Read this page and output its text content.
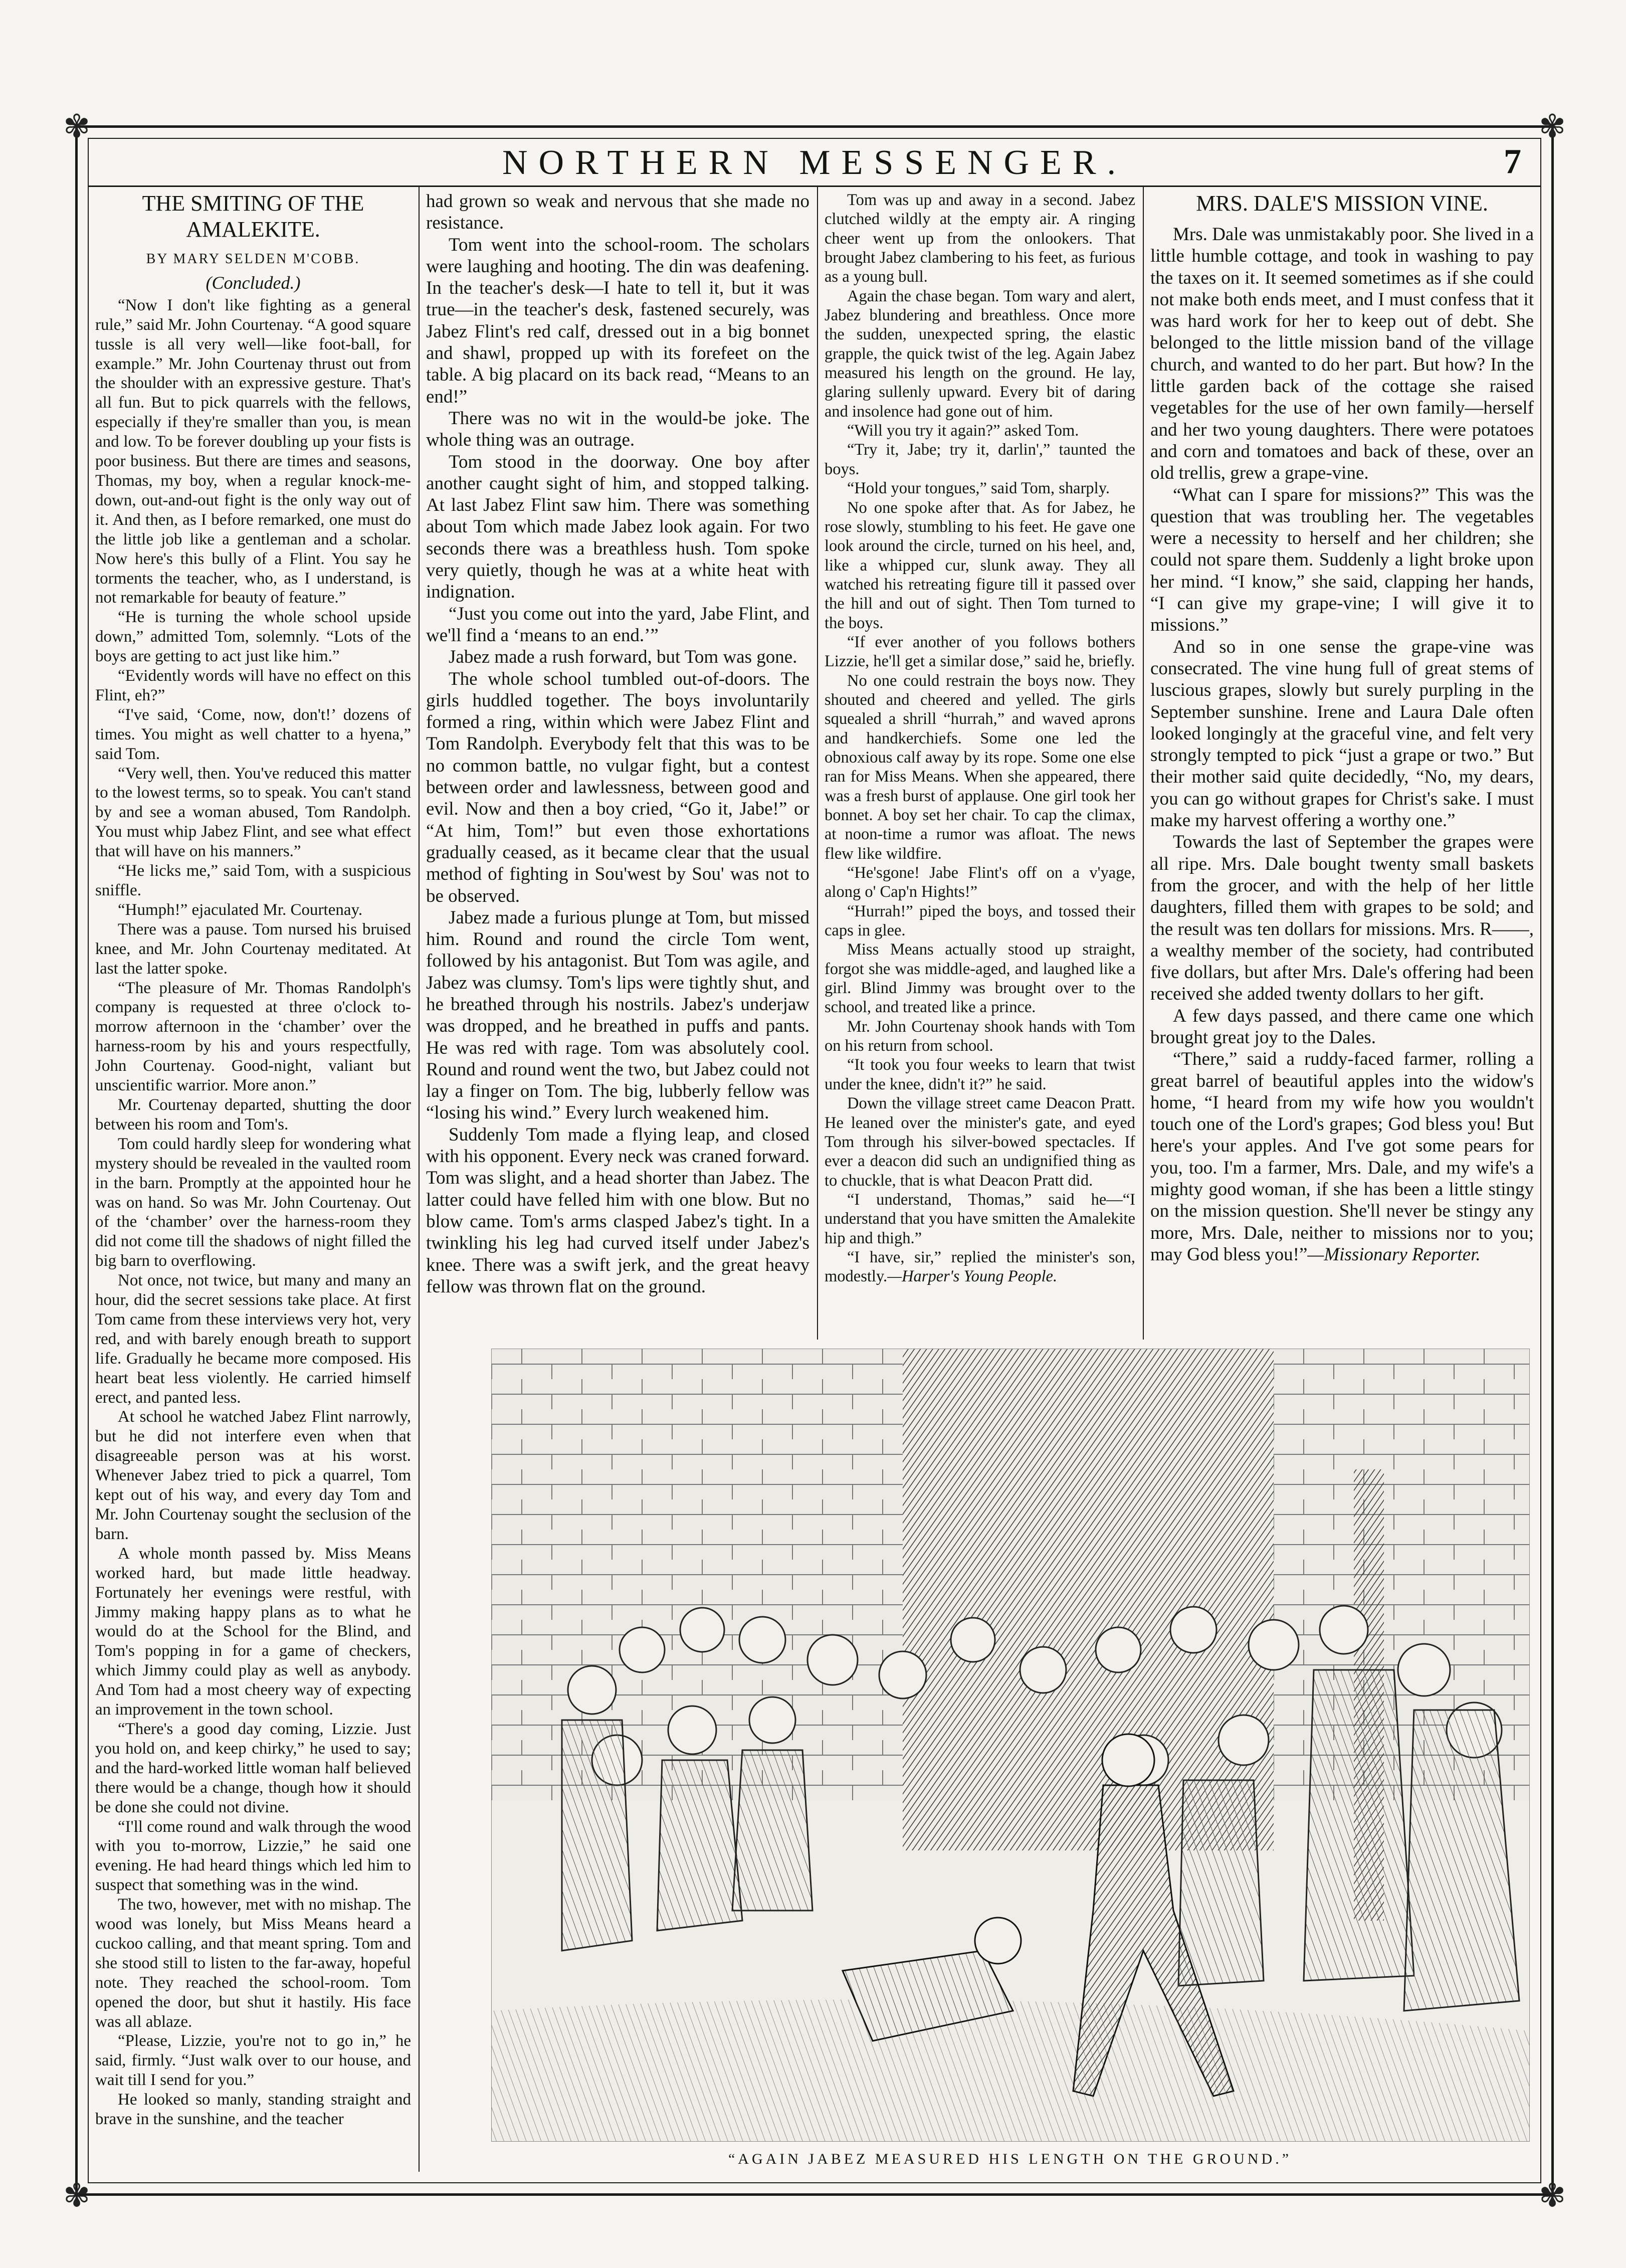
✾	✾
✾	✾
NORTHERN MESSENGER.	7

THE SMITING OF THE AMALEKITE.

BY MARY SELDEN M'COBB.

(Concluded.)

“Now I don't like fighting as a general rule,” said Mr. John Courtenay. “A good square tussle is all very well—like foot-ball, for example.” Mr. John Courtenay thrust out from the shoulder with an expressive gesture. That's all fun. But to pick quarrels with the fellows, especially if they're smaller than you, is mean and low. To be forever doubling up your fists is poor business. But there are times and seasons, Thomas, my boy, when a regular knock-me-down, out-and-out fight is the only way out of it. And then, as I before remarked, one must do the little job like a gentleman and a scholar. Now here's this bully of a Flint. You say he torments the teacher, who, as I understand, is not remarkable for beauty of feature.”

“He is turning the whole school upside down,” admitted Tom, solemnly. “Lots of the boys are getting to act just like him.”

“Evidently words will have no effect on this Flint, eh?”

“I've said, ‘Come, now, don't!’ dozens of times. You might as well chatter to a hyena,” said Tom.

“Very well, then. You've reduced this matter to the lowest terms, so to speak. You can't stand by and see a woman abused, Tom Randolph. You must whip Jabez Flint, and see what effect that will have on his manners.”

“He licks me,” said Tom, with a suspicious sniffle.

“Humph!” ejaculated Mr. Courtenay.

There was a pause. Tom nursed his bruised knee, and Mr. John Courtenay meditated. At last the latter spoke.

“The pleasure of Mr. Thomas Randolph's company is requested at three o'clock to-morrow afternoon in the ‘chamber’ over the harness-room by his and yours respectfully, John Courtenay. Good-night, valiant but unscientific warrior. More anon.”

Mr. Courtenay departed, shutting the door between his room and Tom's.

Tom could hardly sleep for wondering what mystery should be revealed in the vaulted room in the barn. Promptly at the appointed hour he was on hand. So was Mr. John Courtenay. Out of the ‘chamber’ over the harness-room they did not come till the shadows of night filled the big barn to overflowing.

Not once, not twice, but many and many an hour, did the secret sessions take place. At first Tom came from these interviews very hot, very red, and with barely enough breath to support life. Gradually he became more composed. His heart beat less violently. He carried himself erect, and panted less.

At school he watched Jabez Flint narrowly, but he did not interfere even when that disagreeable person was at his worst. Whenever Jabez tried to pick a quarrel, Tom kept out of his way, and every day Tom and Mr. John Courtenay sought the seclusion of the barn.

A whole month passed by. Miss Means worked hard, but made little headway. Fortunately her evenings were restful, with Jimmy making happy plans as to what he would do at the School for the Blind, and Tom's popping in for a game of checkers, which Jimmy could play as well as anybody. And Tom had a most cheery way of expecting an improvement in the town school.

“There's a good day coming, Lizzie. Just you hold on, and keep chirky,” he used to say; and the hard-worked little woman half believed there would be a change, though how it should be done she could not divine.

“I'll come round and walk through the wood with you to-morrow, Lizzie,” he said one evening. He had heard things which led him to suspect that something was in the wind.

The two, however, met with no mishap. The wood was lonely, but Miss Means heard a cuckoo calling, and that meant spring. Tom and she stood still to listen to the far-away, hopeful note. They reached the school-room. Tom opened the door, but shut it hastily. His face was all ablaze.

“Please, Lizzie, you're not to go in,” he said, firmly. “Just walk over to our house, and wait till I send for you.”

He looked so manly, standing straight and brave in the sunshine, and the teacher

had grown so weak and nervous that she made no resistance.

Tom went into the school-room. The scholars were laughing and hooting. The din was deafening. In the teacher's desk—I hate to tell it, but it was true—in the teacher's desk, fastened securely, was Jabez Flint's red calf, dressed out in a big bonnet and shawl, propped up with its forefeet on the table. A big placard on its back read, “Means to an end!”

There was no wit in the would-be joke. The whole thing was an outrage.

Tom stood in the doorway. One boy after another caught sight of him, and stopped talking. At last Jabez Flint saw him. There was something about Tom which made Jabez look again. For two seconds there was a breathless hush. Tom spoke very quietly, though he was at a white heat with indignation.

“Just you come out into the yard, Jabe Flint, and we'll find a ‘means to an end.’”

Jabez made a rush forward, but Tom was gone.

The whole school tumbled out-of-doors. The girls huddled together. The boys involuntarily formed a ring, within which were Jabez Flint and Tom Randolph. Everybody felt that this was to be no common battle, no vulgar fight, but a contest between order and lawlessness, between good and evil. Now and then a boy cried, “Go it, Jabe!” or “At him, Tom!” but even those exhortations gradually ceased, as it became clear that the usual method of fighting in Sou'west by Sou' was not to be observed.

Jabez made a furious plunge at Tom, but missed him. Round and round the circle Tom went, followed by his antagonist. But Tom was agile, and Jabez was clumsy. Tom's lips were tightly shut, and he breathed through his nostrils. Jabez's underjaw was dropped, and he breathed in puffs and pants. He was red with rage. Tom was absolutely cool. Round and round went the two, but Jabez could not lay a finger on Tom. The big, lubberly fellow was “losing his wind.” Every lurch weakened him.

Suddenly Tom made a flying leap, and closed with his opponent. Every neck was craned forward. Tom was slight, and a head shorter than Jabez. The latter could have felled him with one blow. But no blow came. Tom's arms clasped Jabez's tight. In a twinkling his leg had curved itself under Jabez's knee. There was a swift jerk, and the great heavy fellow was thrown flat on the ground.

Tom was up and away in a second. Jabez clutched wildly at the empty air. A ringing cheer went up from the onlookers. That brought Jabez clambering to his feet, as furious as a young bull.

Again the chase began. Tom wary and alert, Jabez blundering and breathless. Once more the sudden, unexpected spring, the elastic grapple, the quick twist of the leg. Again Jabez measured his length on the ground. He lay, glaring sullenly upward. Every bit of daring and insolence had gone out of him.

“Will you try it again?” asked Tom.

“Try it, Jabe; try it, darlin',” taunted the boys.

“Hold your tongues,” said Tom, sharply.

No one spoke after that. As for Jabez, he rose slowly, stumbling to his feet. He gave one look around the circle, turned on his heel, and, like a whipped cur, slunk away. They all watched his retreating figure till it passed over the hill and out of sight. Then Tom turned to the boys.

“If ever another of you follows bothers Lizzie, he'll get a similar dose,” said he, briefly.

No one could restrain the boys now. They shouted and cheered and yelled. The girls squealed a shrill “hurrah,” and waved aprons and handkerchiefs. Some one led the obnoxious calf away by its rope. Some one else ran for Miss Means. When she appeared, there was a fresh burst of applause. One girl took her bonnet. A boy set her chair. To cap the climax, at noon-time a rumor was afloat. The news flew like wildfire.

“He'sgone! Jabe Flint's off on a v'yage, along o' Cap'n Hights!”

“Hurrah!” piped the boys, and tossed their caps in glee.

Miss Means actually stood up straight, forgot she was middle-aged, and laughed like a girl. Blind Jimmy was brought over to the school, and treated like a prince.

Mr. John Courtenay shook hands with Tom on his return from school.

“It took you four weeks to learn that twist under the knee, didn't it?” he said.

Down the village street came Deacon Pratt. He leaned over the minister's gate, and eyed Tom through his silver-bowed spectacles. If ever a deacon did such an undignified thing as to chuckle, that is what Deacon Pratt did.

“I understand, Thomas,” said he—“I understand that you have smitten the Amalekite hip and thigh.”

“I have, sir,” replied the minister's son, modestly.—Harper's Young People.

MRS. DALE'S MISSION VINE.

Mrs. Dale was unmistakably poor. She lived in a little humble cottage, and took in washing to pay the taxes on it. It seemed sometimes as if she could not make both ends meet, and I must confess that it was hard work for her to keep out of debt. She belonged to the little mission band of the village church, and wanted to do her part. But how? In the little garden back of the cottage she raised vegetables for the use of her own family—herself and her two young daughters. There were potatoes and corn and tomatoes and back of these, over an old trellis, grew a grape-vine.

“What can I spare for missions?” This was the question that was troubling her. The vegetables were a necessity to herself and her children; she could not spare them. Suddenly a light broke upon her mind. “I know,” she said, clapping her hands, “I can give my grape-vine; I will give it to missions.”

And so in one sense the grape-vine was consecrated. The vine hung full of great stems of luscious grapes, slowly but surely purpling in the September sunshine. Irene and Laura Dale often looked longingly at the graceful vine, and felt very strongly tempted to pick “just a grape or two.” But their mother said quite decidedly, “No, my dears, you can go without grapes for Christ's sake. I must make my harvest offering a worthy one.”

Towards the last of September the grapes were all ripe. Mrs. Dale bought twenty small baskets from the grocer, and with the help of her little daughters, filled them with grapes to be sold; and the result was ten dollars for missions. Mrs. R——, a wealthy member of the society, had contributed five dollars, but after Mrs. Dale's offering had been received she added twenty dollars to her gift.

A few days passed, and there came one which brought great joy to the Dales.

“There,” said a ruddy-faced farmer, rolling a great barrel of beautiful apples into the widow's home, “I heard from my wife how you wouldn't touch one of the Lord's grapes; God bless you! But here's your apples. And I've got some pears for you, too. I'm a farmer, Mrs. Dale, and my wife's a mighty good woman, if she has been a little stingy on the mission question. She'll never be stingy any more, Mrs. Dale, neither to missions nor to you; may God bless you!”—Missionary Reporter.

“AGAIN JABEZ MEASURED HIS LENGTH ON THE GROUND.”
